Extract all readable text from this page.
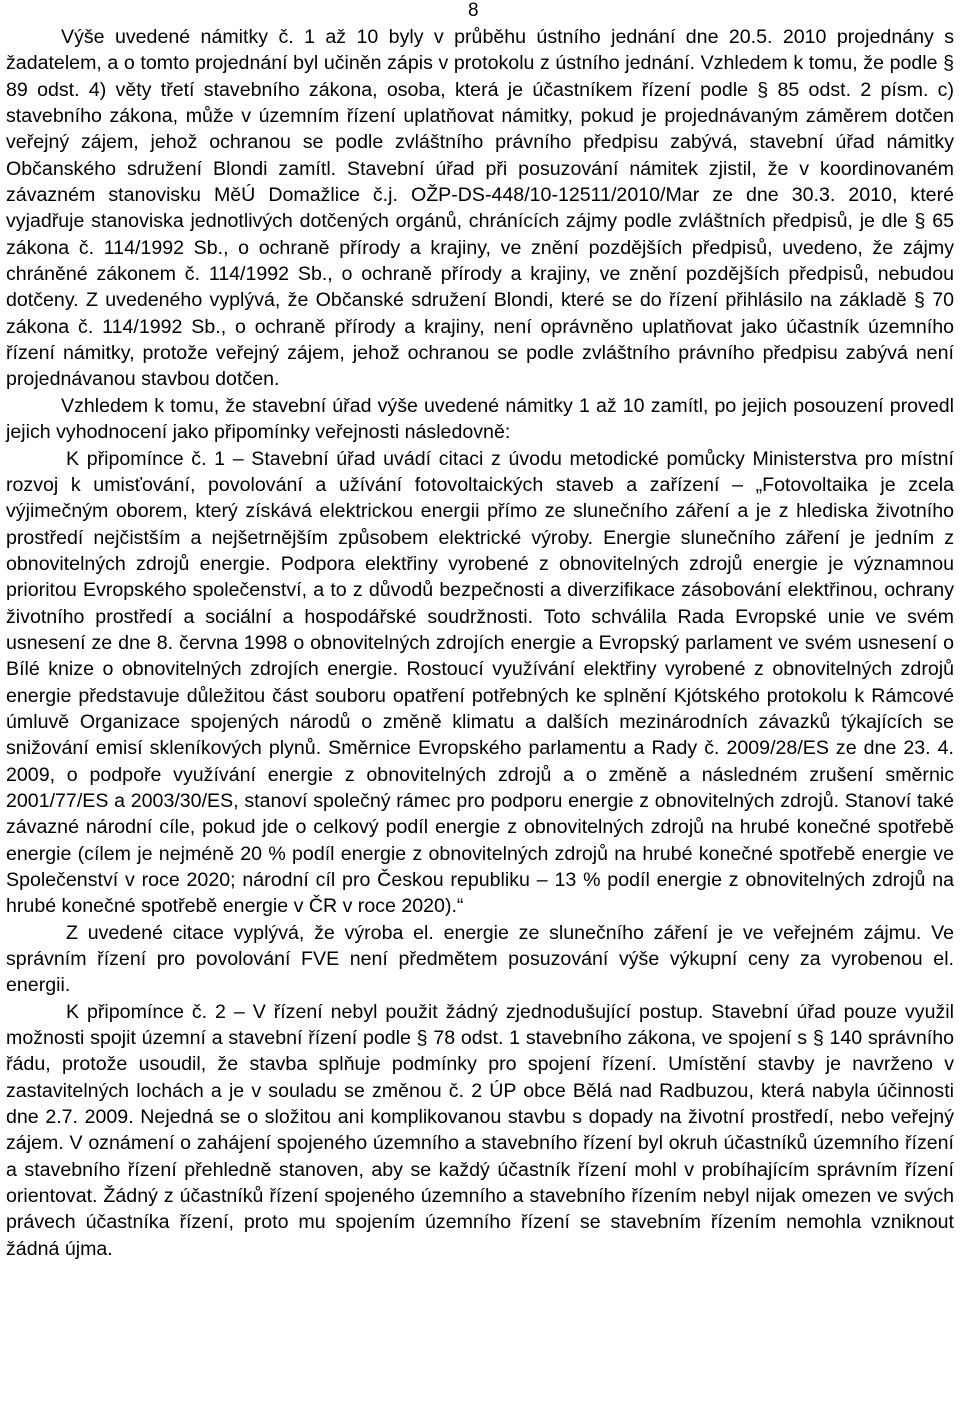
8

Výše uvedené námitky č. 1 až 10 byly v průběhu ústního jednání dne 20.5. 2010 projednány s žadatelem, a o tomto projednání byl učiněn zápis v protokolu z ústního jednání. Vzhledem k tomu, že podle § 89 odst. 4) věty třetí stavebního zákona, osoba, která je účastníkem řízení podle § 85 odst. 2 písm. c) stavebního zákona, může v územním řízení uplatňovat námitky, pokud je projednávaným záměrem dotčen veřejný zájem, jehož ochranou se podle zvláštního právního předpisu zabývá, stavební úřad námitky Občanského sdružení Blondi zamítl. Stavební úřad při posuzování námitek zjistil, že v koordinovaném závazném stanovisku MěÚ Domažlice č.j. OŽP-DS-448/10-12511/2010/Mar ze dne 30.3. 2010, které vyjadřuje stanoviska jednotlivých dotčených orgánů, chránících zájmy podle zvláštních předpisů, je dle § 65 zákona č. 114/1992 Sb., o ochraně přírody a krajiny, ve znění pozdějších předpisů, uvedeno, že zájmy chráněné zákonem č. 114/1992 Sb., o ochraně přírody a krajiny, ve znění pozdějších předpisů, nebudou dotčeny. Z uvedeného vyplývá, že Občanské sdružení Blondi, které se do řízení přihlásilo na základě § 70 zákona č. 114/1992 Sb., o ochraně přírody a krajiny, není oprávněno uplatňovat jako účastník územního řízení námitky, protože veřejný zájem, jehož ochranou se podle zvláštního právního předpisu zabývá není projednávanou stavbou dotčen.

Vzhledem k tomu, že stavební úřad výše uvedené námitky 1 až 10 zamítl, po jejich posouzení provedl jejich vyhodnocení jako připomínky veřejnosti následovně:

K připomínce č. 1 – Stavební úřad uvádí citaci z úvodu metodické pomůcky Ministerstva pro místní rozvoj k umisťování, povolování a užívání fotovoltaických staveb a zařízení – „Fotovoltaika je zcela výjimečným oborem, který získává elektrickou energii přímo ze slunečního záření a je z hlediska životního prostředí nejčistším a nejšetrnějším způsobem elektrické výroby. Energie slunečního záření je jedním z obnovitelných zdrojů energie. Podpora elektřiny vyrobené z obnovitelných zdrojů energie je významnou prioritou Evropského společenství, a to z důvodů bezpečnosti a diverzifikace zásobování elektřinou, ochrany životního prostředí a sociální a hospodářské soudržnosti. Toto schválila Rada Evropské unie ve svém usnesení ze dne 8. června 1998 o obnovitelných zdrojích energie a Evropský parlament ve svém usnesení o Bílé knize o obnovitelných zdrojích energie. Rostoucí využívání elektřiny vyrobené z obnovitelných zdrojů energie představuje důležitou část souboru opatření potřebných ke splnění Kjótského protokolu k Rámcové úmluvě Organizace spojených národů o změně klimatu a dalších mezinárodních závazků týkajících se snižování emisí skleníkových plynů. Směrnice Evropského parlamentu a Rady č. 2009/28/ES ze dne 23. 4. 2009, o podpoře využívání energie z obnovitelných zdrojů a o změně a následném zrušení směrnic 2001/77/ES a 2003/30/ES, stanoví společný rámec pro podporu energie z obnovitelných zdrojů. Stanoví také závazné národní cíle, pokud jde o celkový podíl energie z obnovitelných zdrojů na hrubé konečné spotřebě energie (cílem je nejméně 20 % podíl energie z obnovitelných zdrojů na hrubé konečné spotřebě energie ve Společenství v roce 2020; národní cíl pro Českou republiku – 13 % podíl energie z obnovitelných zdrojů na hrubé konečné spotřebě energie v ČR v roce 2020).“

Z uvedené citace vyplývá, že výroba el. energie ze slunečního záření je ve veřejném zájmu. Ve správním řízení pro povolování FVE není předmětem posuzování výše výkupní ceny za vyrobenou el. energii.

K připomínce č. 2 – V řízení nebyl použit žádný zjednodušující postup. Stavební úřad pouze využil možnosti spojit územní a stavební řízení podle § 78 odst. 1 stavebního zákona, ve spojení s § 140 správního řádu, protože usoudil, že stavba splňuje podmínky pro spojení řízení. Umístění stavby je navrženo v zastavitelných lochách a je v souladu se změnou č. 2 ÚP obce Bělá nad Radbuzou, která nabyla účinnosti dne 2.7. 2009. Nejedná se o složitou ani komplikovanou stavbu s dopady na životní prostředí, nebo veřejný zájem. V oznámení o zahájení spojeného územního a stavebního řízení byl okruh účastníků územního řízení a stavebního řízení přehledně stanoven, aby se každý účastník řízení mohl v probíhajícím správním řízení orientovat. Žádný z účastníků řízení spojeného územního a stavebního řízením nebyl nijak omezen ve svých právech účastníka řízení, proto mu spojením územního řízení se stavebním řízením nemohla vzniknout žádná újma.
